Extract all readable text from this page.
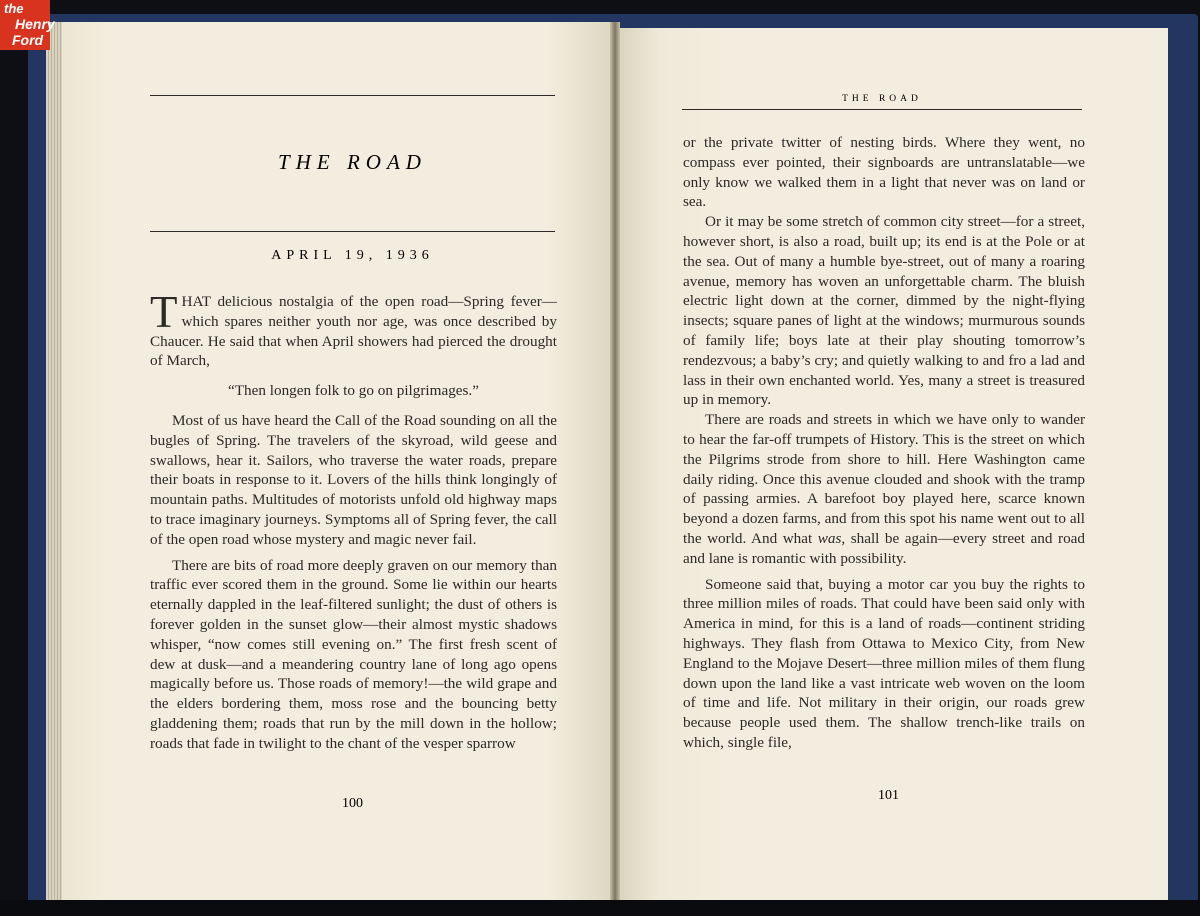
the
Henry
Ford
THE ROAD
APRIL 19, 1936

THAT delicious nostalgia of the open road—Spring fever—which spares neither youth nor age, was once described by Chaucer. He said that when April showers had pierced the drought of March,

“Then longen folk to go on pilgrimages.”

Most of us have heard the Call of the Road sounding on all the bugles of Spring. The travelers of the skyroad, wild geese and swallows, hear it. Sailors, who traverse the water roads, prepare their boats in response to it. Lovers of the hills think longingly of mountain paths. Multitudes of motorists unfold old highway maps to trace imaginary journeys. Symptoms all of Spring fever, the call of the open road whose mystery and magic never fail.

There are bits of road more deeply graven on our memory than traffic ever scored them in the ground. Some lie within our hearts eternally dappled in the leaf-filtered sunlight; the dust of others is forever golden in the sunset glow—their almost mystic shadows whisper, “now comes still evening on.” The first fresh scent of dew at dusk—and a meandering country lane of long ago opens magically before us. Those roads of memory!—the wild grape and the elders bordering them, moss rose and the bouncing betty gladdening them; roads that run by the mill down in the hollow; roads that fade in twilight to the chant of the vesper sparrow

100
THE ROAD

or the private twitter of nesting birds. Where they went, no compass ever pointed, their signboards are untranslatable—we only know we walked them in a light that never was on land or sea.

Or it may be some stretch of common city street—for a street, however short, is also a road, built up; its end is at the Pole or at the sea. Out of many a humble bye-street, out of many a roaring avenue, memory has woven an unforgettable charm. The bluish electric light down at the corner, dimmed by the night-flying insects; square panes of light at the windows; murmurous sounds of family life; boys late at their play shouting tomorrow’s rendezvous; a baby’s cry; and quietly walking to and fro a lad and lass in their own enchanted world. Yes, many a street is treasured up in memory.

There are roads and streets in which we have only to wander to hear the far-off trumpets of History. This is the street on which the Pilgrims strode from shore to hill. Here Washington came daily riding. Once this avenue clouded and shook with the tramp of passing armies. A barefoot boy played here, scarce known beyond a dozen farms, and from this spot his name went out to all the world. And what was, shall be again—every street and road and lane is romantic with possibility.

Someone said that, buying a motor car you buy the rights to three million miles of roads. That could have been said only with America in mind, for this is a land of roads—continent striding highways. They flash from Ottawa to Mexico City, from New England to the Mojave Desert—three million miles of them flung down upon the land like a vast intricate web woven on the loom of time and life. Not military in their origin, our roads grew because people used them. The shallow trench-like trails on which, single file,

101
